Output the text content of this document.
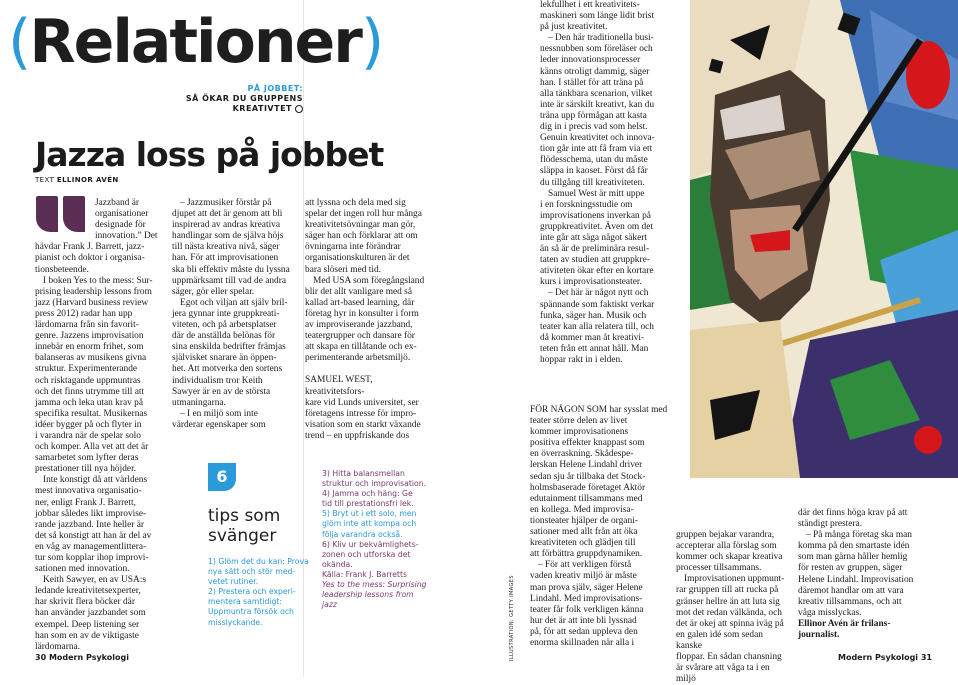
(Relationer)
PÅ JOBBET:
SÅ ÖKAR DU GRUPPENS
KREATIVTET
Jazza loss på jobbet
TEXT ELLINOR AVÉN
Jazzband är
organisationer
designade för
innovation.” Det
hävdar Frank J. Barrett, jazz-
pianist och doktor i organisa-
tionsbeteende.
I boken Yes to the mess: Sur-
prising leadership lessons from
jazz (Harvard business review
press 2012) radar han upp
lärdomarna från sin favorit-
genre. Jazzens improvisation
innebär en enorm frihet, som
balanseras av musikens givna
struktur. Experimenterande
och risktagande uppmuntras
och det finns utrymme till att
jamma och leka utan krav på
specifika resultat. Musikernas
idéer bygger på och flyter in
i varandra när de spelar solo
och komper. Alla vet att det är
samarbetet som lyfter deras
prestationer till nya höjder.
Inte konstigt då att världens
mest innovativa organisatio-
ner, enligt Frank J. Barrett,
jobbar således likt improvise-
rande jazzband. Inte heller är
det så konstigt att han är del av
en våg av managementlittera-
tur som kopplar ihop improvi-
sationen med innovation.
Keith Sawyer, en av USA:s
ledande kreativitetsexperter,
har skrivit flera böcker där
han använder jazzbandet som
exempel. Deep listening ser
han som en av de viktigaste
lärdomarna.
– Jazzmusiker förstår på
djupet att det är genom att bli
inspirerad av andras kreativa
handlingar som de själva höjs
till nästa kreativa nivå, säger
han. För att improvisationen
ska bli effektiv måste du lyssna
uppmärksamt till vad de andra
säger, gör eller spelar.
Egot och viljan att själv bril-
jera gynnar inte gruppkreati-
viteten, och på arbetsplatser
där de anställda belönas för
sina enskilda bedrifter främjas
självisket snarare än öppen-
het. Att motverka den sortens
individualism tror Keith
Sawyer är en av de största
utmaningarna.
– I en miljö som inte
värderar egenskaper som
att lyssna och dela med sig
spelar det ingen roll hur många
kreativitetsövningar man gör,
säger han och förklarar att om
övningarna inte förändrar
organisationskulturen är det
bara slöseri med tid.
Med USA som föregångsland
blir det allt vanligare med så
kallad art-based learning, där
företag hyr in konsulter i form
av improviserande jazzband,
teatergrupper och dansare för
att skapa en tillåtande och ex-
perimenterande arbetsmiljö.
SAMUEL WEST, kreativitetsfors-
kare vid Lunds universitet, ser
företagens intresse för impro-
visation som en starkt växande
trend – en uppfriskande dos
6
tips som
svänger
1) Glöm det du kan: Prova
nya sätt och stör med-
vetet rutiner.
2) Prestera och experi-
mentera samtidigt:
Uppmuntra försök och
misslyckande.
3) Hitta balansmellan
struktur och improvisation.
4) Jamma och häng: Ge
tid till prestationsfri lek.
5) Bryt ut i ett solo, men
glöm inte att kompa och
följa varandra också.
6) Kliv ur bekvämlighets-
zonen och utforska det
okända.
Källa: Frank J. Barretts
Yes to the mess: Surprising
leadership lessons from
jazz
lekfullhet i ett kreativitets-
maskineri som länge lidit brist
på just kreativitet.
– Den här traditionella busi-
nessnubben som föreläser och
leder innovationsprocesser
känns otroligt dammig, säger
han. I stället för att träna på
alla tänkbara scenarion, vilket
inte är särskilt kreativt, kan du
träna upp förmågan att kasta
dig in i precis vad som helst.
Genuin kreativitet och innova-
tion går inte att få fram via ett
flödesschema, utan du måste
släppa in kaoset. Först då får
du tillgång till kreativiteten.
Samuel West är mitt uppe
i en forskningsstudie om
improvisationens inverkan på
gruppkreativitet. Även om det
inte går att säga något säkert
än så är de preliminära resul-
taten av studien att gruppkre-
ativiteten ökar efter en kortare
kurs i improvisationsteater.
– Det här är något nytt och
spännande som faktiskt verkar
funka, säger han. Musik och
teater kan alla relatera till, och
då kommer man åt kreativi-
teten från ett annat håll. Man
hoppar rakt in i elden.
FÖR NÅGON SOM har sysslat med
teater större delen av livet
kommer improvisationens
positiva effekter knappast som
en överraskning. Skådespe-
lerskan Helene Lindahl driver
sedan sju år tillbaka det Stock-
holmsbaserade företaget Aktör
edutainment tillsammans med
en kollega. Med improvisa-
tionsteater hjälper de organi-
sationer med allt från att öka
kreativiteten och glädjen till
att förbättra gruppdynamiken.
– För att verkligen förstå
vaden kreativ miljö är måste
man prova själv, säger Helene
Lindahl. Med improvisations-
teater får folk verkligen känna
hur det är att inte bli lyssnad
på, för att sedan uppleva den
enorma skillnaden när alla i
gruppen bejakar varandra,
accepterar alla förslag som
kommer och skapar kreativa
processer tillsammans.
Improvisationen uppmunt-
rar gruppen till att rucka på
gränser hellre än att luta sig
mot det redan välkända, och
det är okej att spinna iväg på
en galen idé som sedan kanske
floppar. En sådan chansning
är svårare att våga ta i en miljö
där det finns höga krav på att
ständigt prestera.
– På många företag ska man
komma på den smartaste idén
som man gärna håller hemlig
för resten av gruppen, säger
Helene Lindahl. Improvisation
däremot handlar om att vara
kreativ tillsammans, och att
våga misslyckas.
Ellinor Avén är frilans-
journalist.
ILLUSTRATION: GETTY IMAGES
30 Modern Psykologi	Modern Psykologi 31
